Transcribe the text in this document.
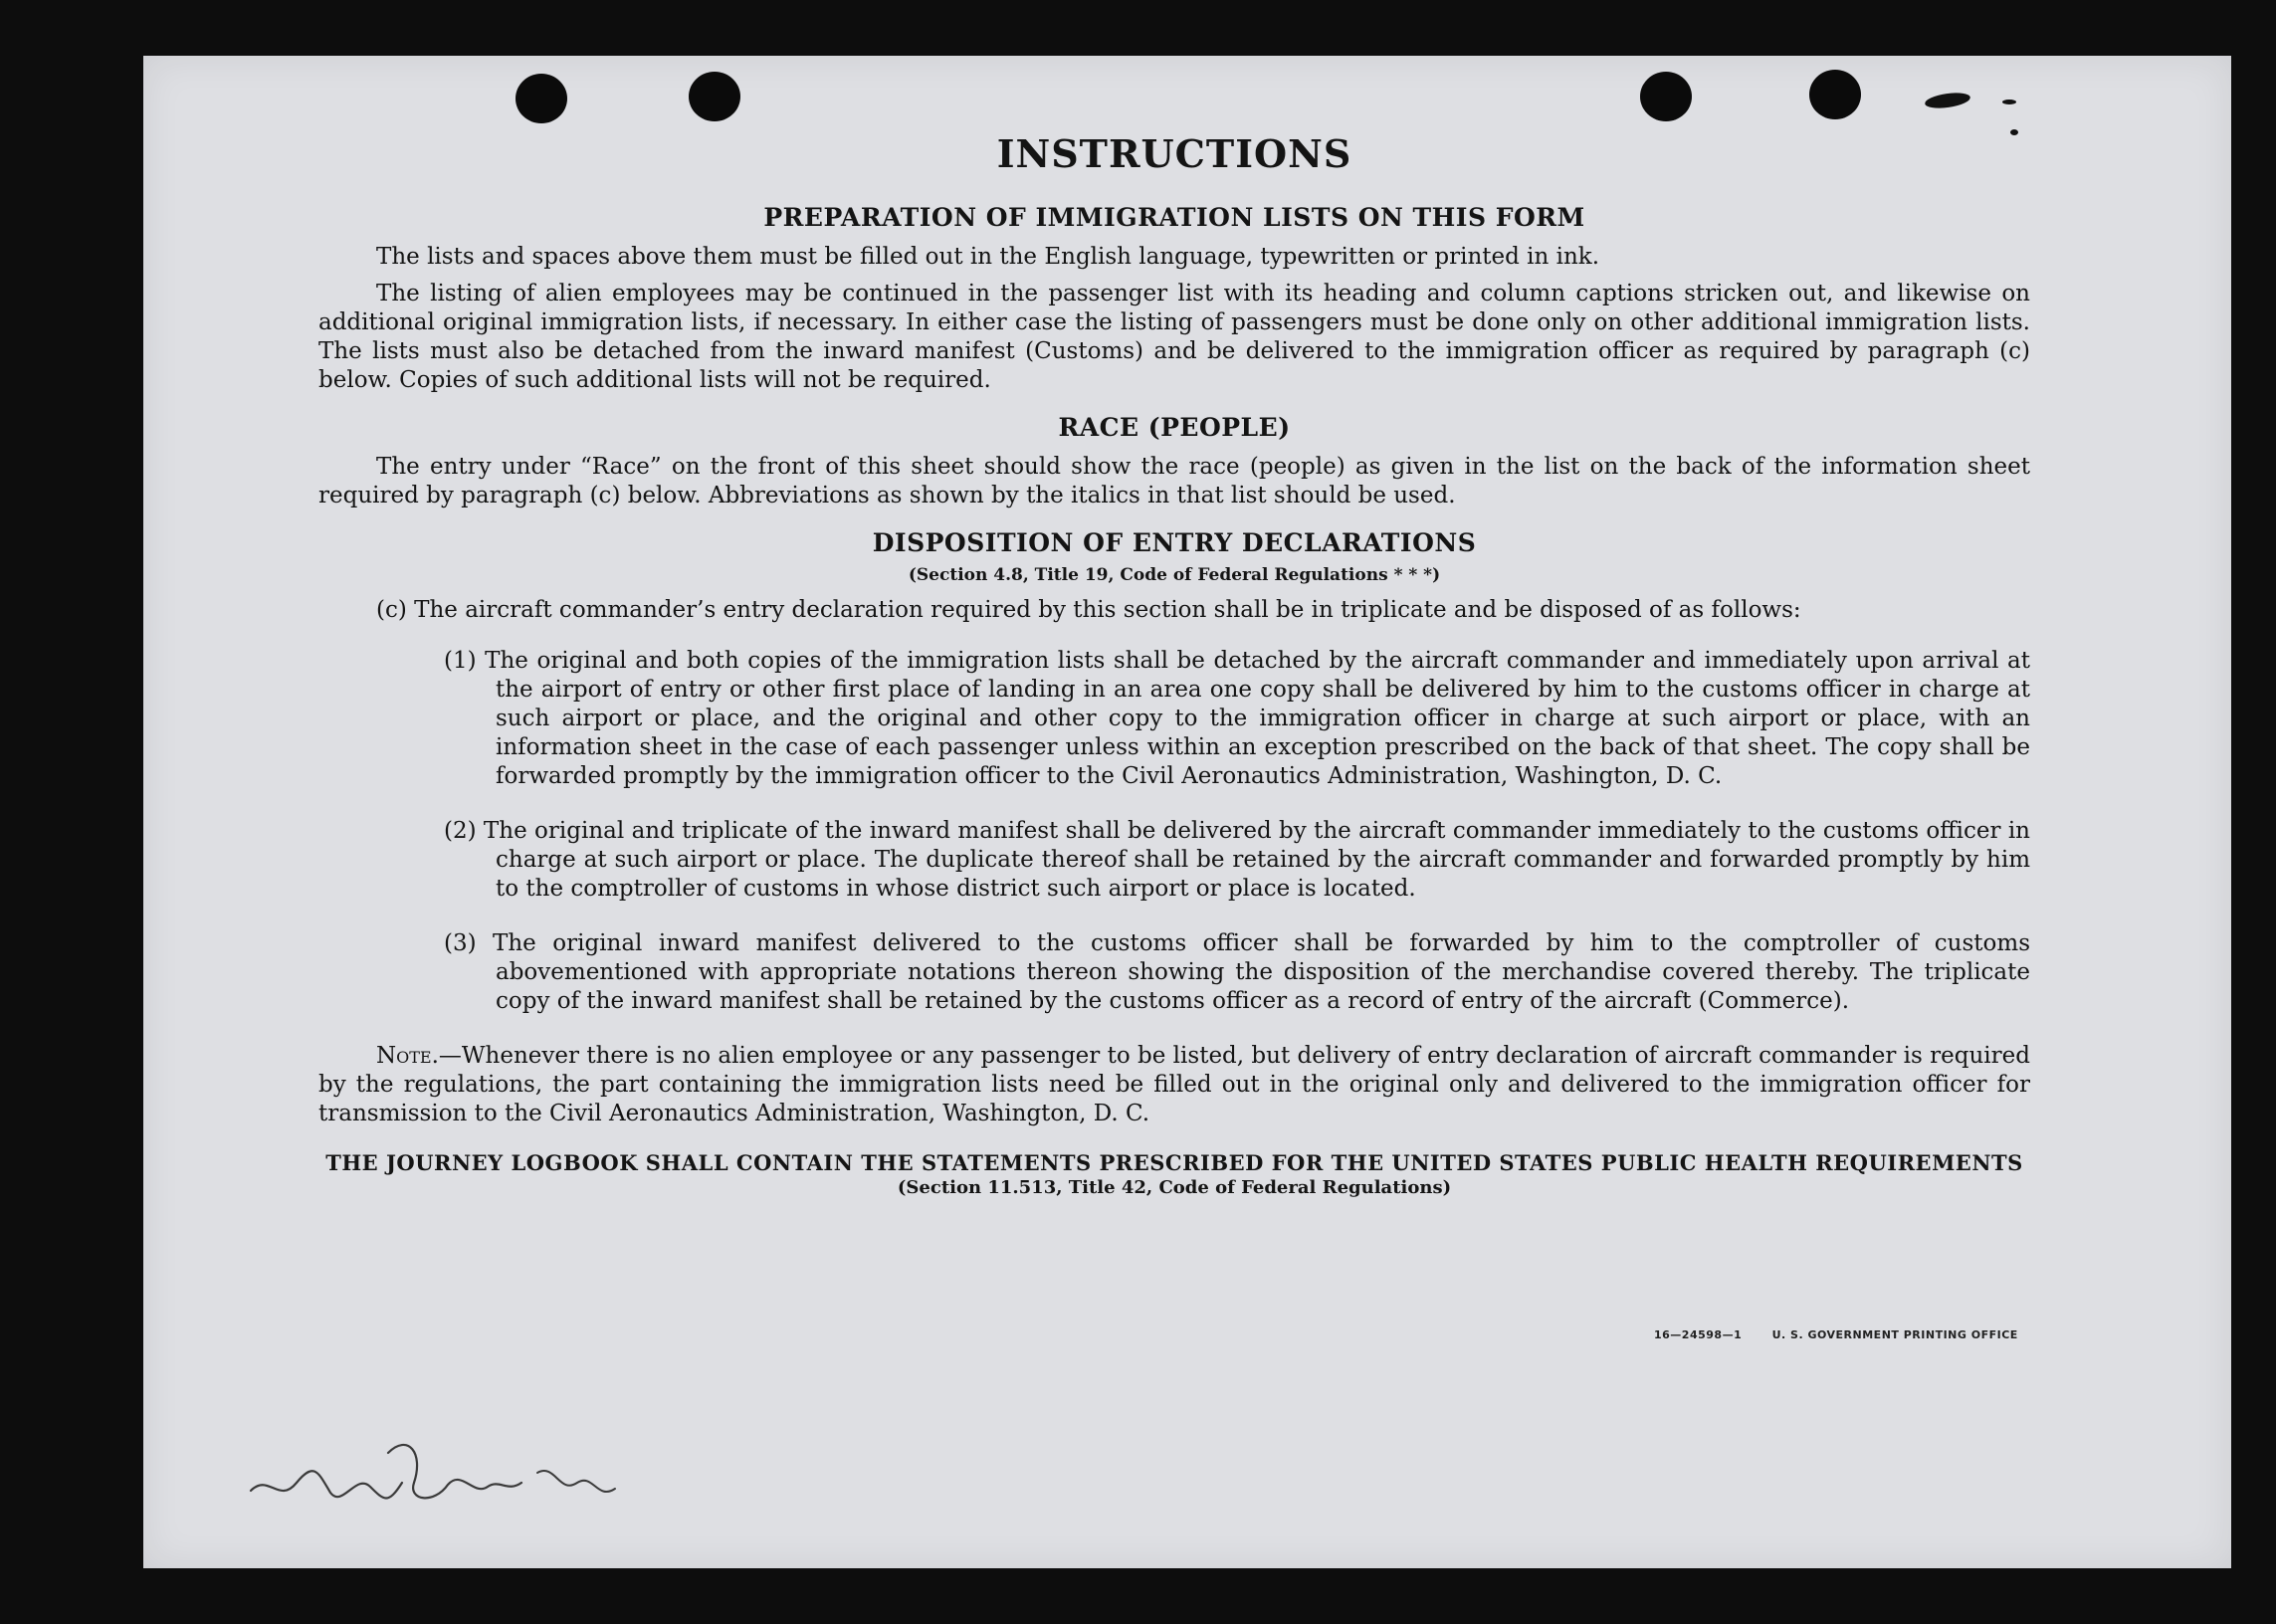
INSTRUCTIONS
PREPARATION OF IMMIGRATION LISTS ON THIS FORM

The lists and spaces above them must be filled out in the English language, typewritten or printed in ink.

The listing of alien employees may be continued in the passenger list with its heading and column captions stricken out, and likewise on additional original immigration lists, if necessary. In either case the listing of passengers must be done only on other additional immigration lists. The lists must also be detached from the inward manifest (Customs) and be delivered to the immigration officer as required by paragraph (c) below. Copies of such additional lists will not be required.

RACE (PEOPLE)

The entry under “Race” on the front of this sheet should show the race (people) as given in the list on the back of the information sheet required by paragraph (c) below. Abbreviations as shown by the italics in that list should be used.

DISPOSITION OF ENTRY DECLARATIONS
(Section 4.8, Title 19, Code of Federal Regulations * * *)
(c) The aircraft commander’s entry declaration required by this section shall be in triplicate and be disposed of as follows:
(1) The original and both copies of the immigration lists shall be detached by the aircraft commander and immediately upon arrival at the airport of entry or other first place of landing in an area one copy shall be delivered by him to the customs officer in charge at such airport or place, and the original and other copy to the immigration officer in charge at such airport or place, with an information sheet in the case of each passenger unless within an exception prescribed on the back of that sheet. The copy shall be forwarded promptly by the immigration officer to the Civil Aeronautics Administration, Washington, D. C.
(2) The original and triplicate of the inward manifest shall be delivered by the aircraft commander immediately to the customs officer in charge at such airport or place. The duplicate thereof shall be retained by the aircraft commander and forwarded promptly by him to the comptroller of customs in whose district such airport or place is located.
(3) The original inward manifest delivered to the customs officer shall be forwarded by him to the comptroller of customs abovementioned with appropriate notations thereon showing the disposition of the merchandise covered thereby. The triplicate copy of the inward manifest shall be retained by the customs officer as a record of entry of the aircraft (Commerce).
Note.—Whenever there is no alien employee or any passenger to be listed, but delivery of entry declaration of aircraft commander is required by the regulations, the part containing the immigration lists need be filled out in the original only and delivered to the immigration officer for transmission to the Civil Aeronautics Administration, Washington, D. C.
THE JOURNEY LOGBOOK SHALL CONTAIN THE STATEMENTS PRESCRIBED FOR THE UNITED STATES PUBLIC HEALTH REQUIREMENTS
(Section 11.513, Title 42, Code of Federal Regulations)
16—24598—1	U. S. GOVERNMENT PRINTING OFFICE
